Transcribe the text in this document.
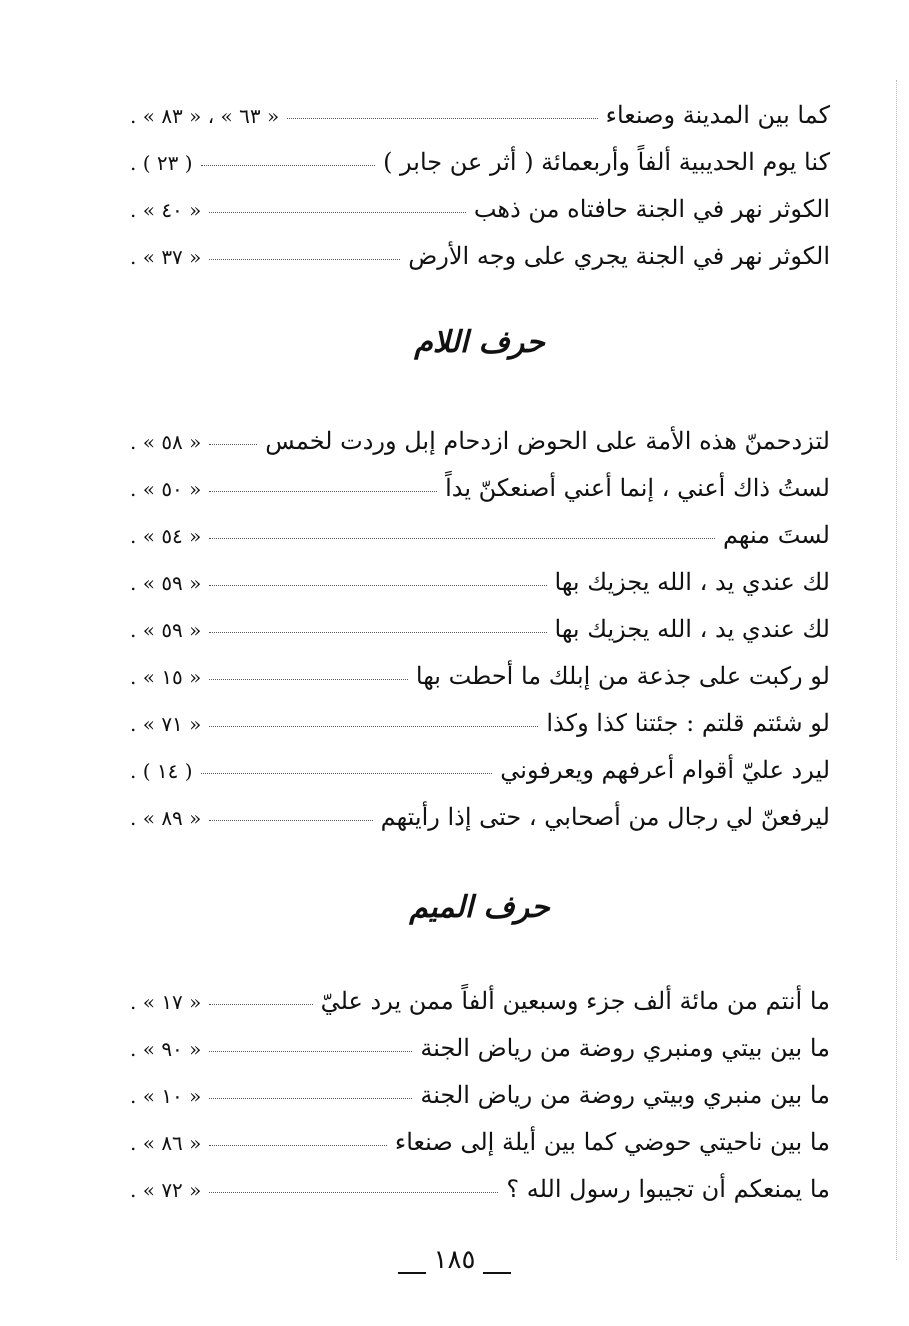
كما بين المدينة وصنعاء
« ٦٣ » ، « ٨٣ » .
كنا يوم الحديبية ألفاً وأربعمائة ( أثر عن جابر )
( ٢٣ ) .
الكوثر نهر في الجنة حافتاه من ذهب
« ٤٠ » .
الكوثر نهر في الجنة يجري على وجه الأرض
« ٣٧ » .
حرف اللام
لتزدحمنّ هذه الأمة على الحوض ازدحام إبل وردت لخمس
« ٥٨ » .
لستُ ذاك أعني ، إنما أعني أصنعكنّ يداً
« ٥٠ » .
لستَ منهم
« ٥٤ » .
لك عندي يد ، الله يجزيك بها
« ٥٩ » .
لك عندي يد ، الله يجزيك بها
« ٥٩ » .
لو ركبت على جذعة من إبلك ما أحطت بها
« ١٥ » .
لو شئتم قلتم : جئتنا كذا وكذا
« ٧١ » .
ليرد عليّ أقوام أعرفهم ويعرفوني
( ١٤ ) .
ليرفعنّ لي رجال من أصحابي ، حتى إذا رأيتهم
« ٨٩ » .
حرف الميم
ما أنتم من مائة ألف جزء وسبعين ألفاً ممن يرد عليّ
« ١٧ » .
ما بين بيتي ومنبري روضة من رياض الجنة
« ٩٠ » .
ما بين منبري وبيتي روضة من رياض الجنة
« ١٠ » .
ما بين ناحيتي حوضي كما بين أيلة إلى صنعاء
« ٨٦ » .
ما يمنعكم أن تجيبوا رسول الله ؟
« ٧٢ » .
١٨٥
